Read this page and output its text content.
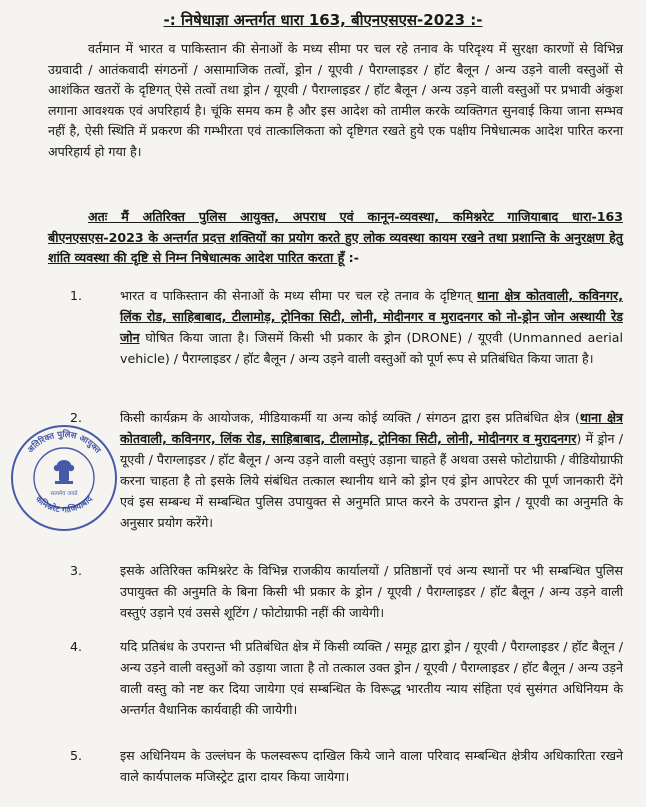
-: निषेधाज्ञा अन्तर्गत धारा 163, बीएनएसएस-2023 :-

वर्तमान में भारत व पाकिस्तान की सेनाओं के मध्य सीमा पर चल रहे तनाव के परिदृश्य में सुरक्षा कारणों से विभिन्न उग्रवादी / आतंकवादी संगठनों / असामाजिक तत्वों, ड्रोन / यूएवी / पैराग्लाइडर / हॉट बैलून / अन्य उड़ने वाली वस्तुओं से आशंकित खतरों के दृष्टिगत् ऐसे तत्वों तथा ड्रोन / यूएवी / पैराग्लाइडर / हॉट बैलून / अन्य उड़ने वाली वस्तुओं पर प्रभावी अंकुश लगाना आवश्यक एवं अपरिहार्य है। चूंकि समय कम है और इस आदेश को तामील करके व्यक्तिगत सुनवाई किया जाना सम्भव नहीं है, ऐसी स्थिति में प्रकरण की गम्भीरता एवं तात्कालिकता को दृष्टिगत रखते हुये एक पक्षीय निषेधात्मक आदेश पारित करना अपरिहार्य हो गया है।

अतः मैं अतिरिक्त पुलिस आयुक्त, अपराध एवं कानून-व्यवस्था, कमिश्नरेट गाजियाबाद धारा-163 बीएनएसएस-2023 के अन्तर्गत प्रदत्त शक्तियों का प्रयोग करते हुए लोक व्यवस्था कायम रखने तथा प्रशान्ति के अनुरक्षण हेतु शांति व्यवस्था की दृष्टि से निम्न निषेधात्मक आदेश पारित करता हूँ :-

1.	भारत व पाकिस्तान की सेनाओं के मध्य सीमा पर चल रहे तनाव के दृष्टिगत् थाना क्षेत्र कोतवाली, कविनगर, लिंक रोड, साहिबाबाद, टीलामोड़, ट्रोनिका सिटी, लोनी, मोदीनगर व मुरादनगर को नो-ड्रोन जोन अस्थायी रेड जोन घोषित किया जाता है। जिसमें किसी भी प्रकार के ड्रोन (DRONE) / यूएवी (Unmanned aerial vehicle) / पैराग्लाइडर / हॉट बैलून / अन्य उड़ने वाली वस्तुओं को पूर्ण रूप से प्रतिबंधित किया जाता है।

2.	किसी कार्यक्रम के आयोजक, मीडियाकर्मी या अन्य कोई व्यक्ति / संगठन द्वारा इस प्रतिबंधित क्षेत्र (थाना क्षेत्र कोतवाली, कविनगर, लिंक रोड, साहिबाबाद, टीलामोड़, ट्रोनिका सिटी, लोनी, मोदीनगर व मुरादनगर) में ड्रोन / यूएवी / पैराग्लाइडर / हॉट बैलून / अन्य उड़ने वाली वस्तुएं उड़ाना चाहते हैं अथवा उससे फोटोग्राफी / वीडियोग्राफी करना चाहता है तो इसके लिये संबंधित तत्काल स्थानीय थाने को ड्रोन एवं ड्रोन आपरेटर की पूर्ण जानकारी देंगे एवं इस सम्बन्ध में सम्बन्धित पुलिस उपायुक्त से अनुमति प्राप्त करने के उपरान्त ड्रोन / यूएवी का अनुमति के अनुसार प्रयोग करेंगे।

3.	इसके अतिरिक्त कमिश्नरेट के विभिन्न राजकीय कार्यालयों / प्रतिष्ठानों एवं अन्य स्थानों पर भी सम्बन्धित पुलिस उपायुक्त की अनुमति के बिना किसी भी प्रकार के ड्रोन / यूएवी / पैराग्लाइडर / हॉट बैलून / अन्य उड़ने वाली वस्तुएं उड़ाने एवं उससे शूटिंग / फोटोग्राफी नहीं की जायेगी।

4.	यदि प्रतिबंध के उपरान्त भी प्रतिबंधित क्षेत्र में किसी व्यक्ति / समूह द्वारा ड्रोन / यूएवी / पैराग्लाइडर / हॉट बैलून / अन्य उड़ने वाली वस्तुओं को उड़ाया जाता है तो तत्काल उक्त ड्रोन / यूएवी / पैराग्लाइडर / हॉट बैलून / अन्य उड़ने वाली वस्तु को नष्ट कर दिया जायेगा एवं सम्बन्धित के विरूद्ध भारतीय न्याय संहिता एवं सुसंगत अधिनियम के अन्तर्गत वैधानिक कार्यवाही की जायेगी।

5.	इस अधिनियम के उल्लंघन के फलस्वरूप दाखिल किये जाने वाला परिवाद सम्बन्धित क्षेत्रीय अधिकारिता रखने वाले कार्यपालक मजिस्ट्रेट द्वारा दायर किया जायेगा।

अतिरिक्त पुलिस आयुक्त
कमिश्नरेट गाजियाबाद
सत्यमेव जयते
